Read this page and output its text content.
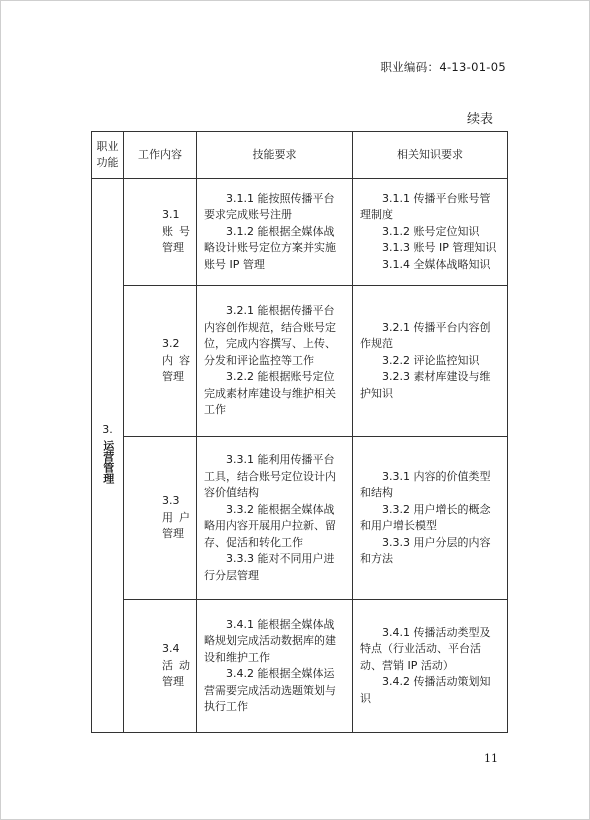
职业编码：4-13-01-05
续表
职业
功能	工作内容	技能要求	相关知识要求

3.
运营管理	3.1 账号管理	3.1.1 能按照传播平台要求完成账号注册
3.1.2 能根据全媒体战略设计账号定位方案并实施账号 IP 管理	3.1.1 传播平台账号管理制度
3.1.2 账号定位知识
3.1.3 账号 IP 管理知识
3.1.4 全媒体战略知识

	3.2 内容管理	3.2.1 能根据传播平台内容创作规范，结合账号定位，完成内容撰写、上传、分发和评论监控等工作
3.2.2 能根据账号定位完成素材库建设与维护相关工作	3.2.1 传播平台内容创作规范
3.2.2 评论监控知识
3.2.3 素材库建设与维护知识

	3.3 用户管理	3.3.1 能利用传播平台工具，结合账号定位设计内容价值结构
3.3.2 能根据全媒体战略用内容开展用户拉新、留存、促活和转化工作
3.3.3 能对不同用户进行分层管理	3.3.1 内容的价值类型和结构
3.3.2 用户增长的概念和用户增长模型
3.3.3 用户分层的内容和方法

	3.4 活动管理	3.4.1 能根据全媒体战略规划完成活动数据库的建设和维护工作
3.4.2 能根据全媒体运营需要完成活动选题策划与执行工作	3.4.1 传播活动类型及特点（行业活动、平台活动、营销 IP 活动）
3.4.2 传播活动策划知识
11
